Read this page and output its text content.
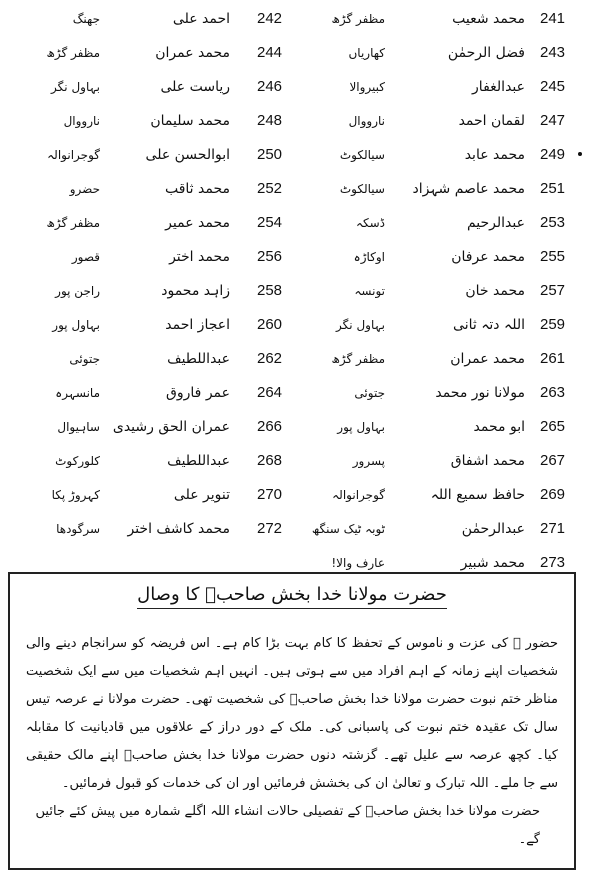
241
محمد شعیب
مظفر گڑھ
242
احمد علی
جھنگ
243
فضل الرحمٰن
کھاریاں
244
محمد عمران
مظفر گڑھ
245
عبدالغفار
کبیروالا
246
ریاست علی
بہاول نگر
247
لقمان احمد
نارووال
248
محمد سلیمان
نارووال
249
محمد عابد
سیالکوٹ
250
ابوالحسن علی
گوجرانوالہ
251
محمد عاصم شہزاد
سیالکوٹ
252
محمد ثاقب
حضرو
253
عبدالرحیم
ڈسکہ
254
محمد عمیر
مظفر گڑھ
255
محمد عرفان
اوکاڑہ
256
محمد اختر
قصور
257
محمد خان
تونسہ
258
زاہد محمود
راجن پور
259
اللہ دتہ ثانی
بہاول نگر
260
اعجاز احمد
بہاول پور
261
محمد عمران
مظفر گڑھ
262
عبداللطیف
جتوئی
263
مولانا نور محمد
جتوئی
264
عمر فاروق
مانسہرہ
265
ابو محمد
بہاول پور
266
عمران الحق رشیدی
ساہیوال
267
محمد اشفاق
پسرور
268
عبداللطیف
کلورکوٹ
269
حافظ سمیع اللہ
گوجرانوالہ
270
تنویر علی
کہروڑ پکا
271
عبدالرحمٰن
ٹوبہ ٹیک سنگھ
272
محمد کاشف اختر
سرگودھا
273
محمد شبیر
عارف والا!
حضرت مولانا خدا بخش صاحبؒ کا وصال

حضور ﷺ کی عزت و ناموس کے تحفظ کا کام بہت بڑا کام ہے۔ اس فریضہ کو سرانجام دینے والی شخصیات اپنے زمانہ کے اہم افراد میں سے ہوتی ہیں۔ انہیں اہم شخصیات میں سے ایک شخصیت مناظر ختم نبوت حضرت مولانا خدا بخش صاحبؒ کی شخصیت تھی۔ حضرت مولانا نے عرصہ تیس سال تک عقیدہ ختم نبوت کی پاسبانی کی۔ ملک کے دور دراز کے علاقوں میں قادیانیت کا مقابلہ کیا۔ کچھ عرصہ سے علیل تھے۔ گزشتہ دنوں حضرت مولانا خدا بخش صاحبؒ اپنے مالک حقیقی سے جا ملے۔ اللہ تبارک و تعالیٰ ان کی بخشش فرمائیں اور ان کی خدمات کو قبول فرمائیں۔

حضرت مولانا خدا بخش صاحبؒ کے تفصیلی حالات انشاء اللہ اگلے شمارہ میں پیش کئے جائیں گے۔
